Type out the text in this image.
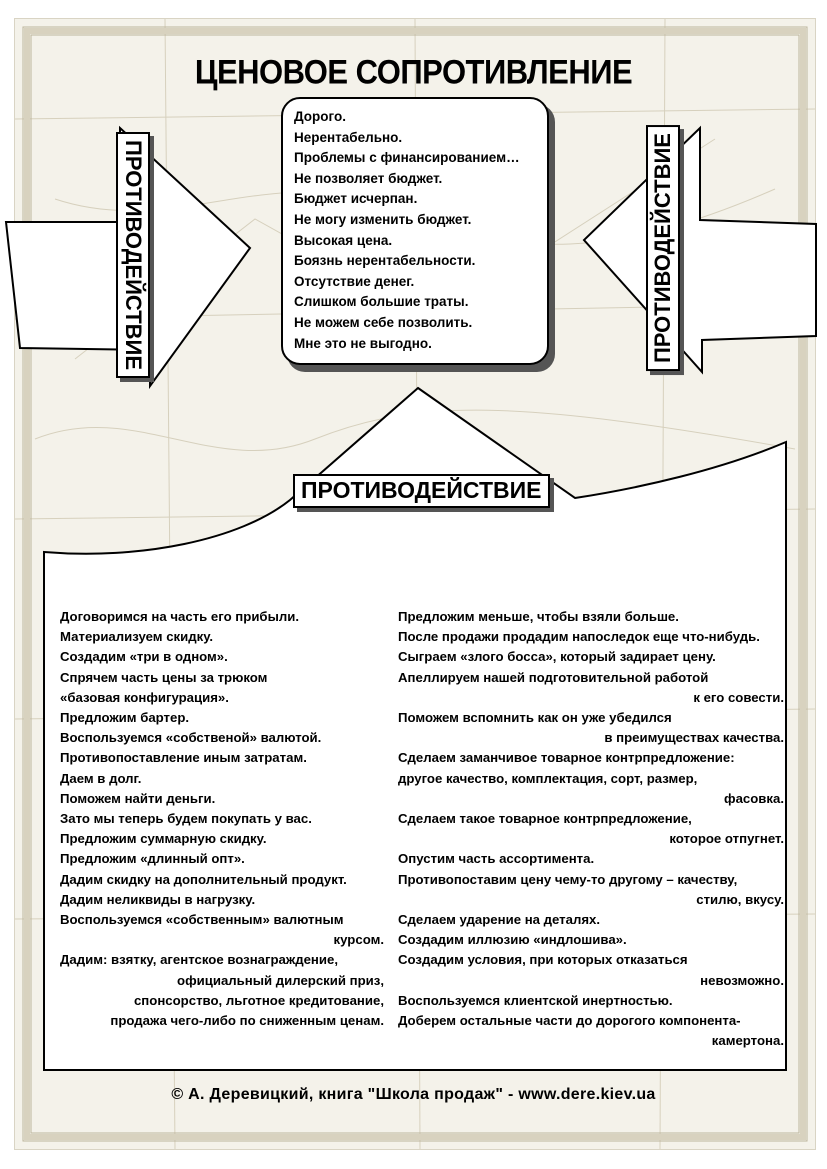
ЦЕНОВОЕ СОПРОТИВЛЕНИЕ
ПРОТИВОДЕЙСТВИЕ	ПРОТИВОДЕЙСТВИЕ
ПРОТИВОДЕЙСТВИЕ
Дорого.
Нерентабельно.
Проблемы с финансированием…
Не позволяет бюджет.
Бюджет исчерпан.
Не могу изменить бюджет.
Высокая цена.
Боязнь нерентабельности.
Отсутствие денег.
Слишком большие траты.
Не можем себе позволить.
Мне это не выгодно.
Договоримся на часть его прибыли.
Материализуем скидку.
Создадим «три в одном».
Спрячем часть цены за трюком
«базовая конфигурация».
Предложим бартер.
Воспользуемся «собственой» валютой.
Противопоставление иным затратам.
Даем в долг.
Поможем найти деньги.
Зато мы теперь будем покупать у вас.
Предложим суммарную скидку.
Предложим «длинный опт».
Дадим скидку на дополнительный продукт.
Дадим неликвиды в нагрузку.
Воспользуемся «собственным» валютным
курсом.
Дадим: взятку, агентское вознаграждение,
официальный дилерский приз,
спонсорство, льготное кредитование,
продажа чего-либо по сниженным ценам.
Предложим меньше, чтобы взяли больше.
После продажи продадим напоследок еще что-нибудь.
Сыграем «злого босса», который задирает цену.
Апеллируем нашей подготовительной работой
к его совести.
Поможем вспомнить как он уже убедился
в преимуществах качества.
Сделаем заманчивое товарное контрпредложение:
другое качество, комплектация, сорт, размер,
фасовка.
Сделаем такое товарное контрпредложение,
которое отпугнет.
Опустим часть ассортимента.
Противопоставим цену чему-то другому – качеству,
стилю, вкусу.
Сделаем ударение на деталях.
Создадим иллюзию «индлошива».
Создадим условия, при которых отказаться
невозможно.
Воспользуемся клиентской инертностью.
Доберем остальные части до дорогого компонента-
камертона.
© А. Деревицкий, книга "Школа продаж" - www.dere.kiev.ua
